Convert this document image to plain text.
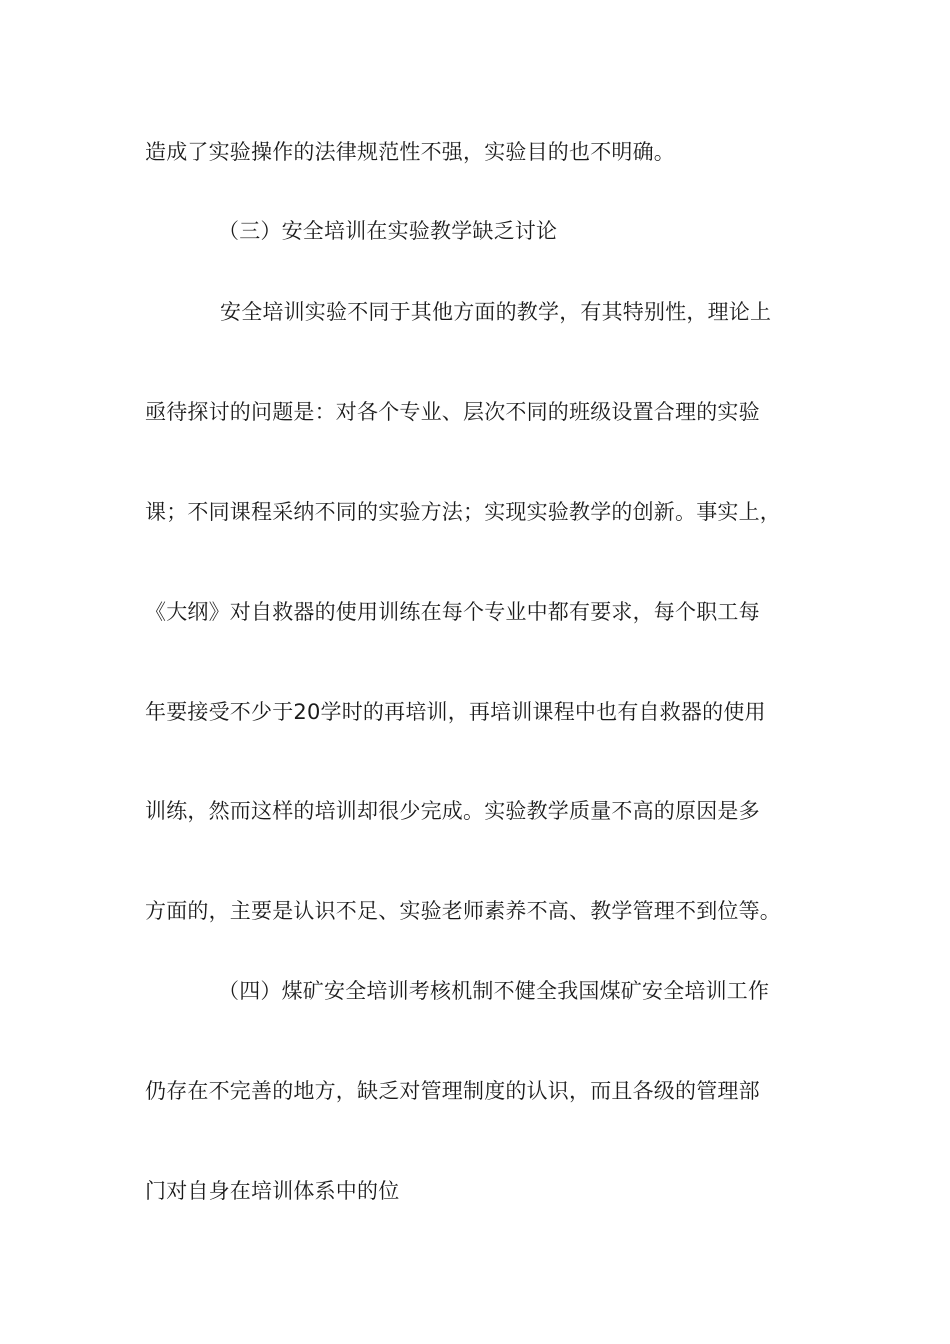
造成了实验操作的法律规范性不强，实验目的也不明确。
（三）安全培训在实验教学缺乏讨论
安全培训实验不同于其他方面的教学，有其特别性，理论上
亟待探讨的问题是：对各个专业、层次不同的班级设置合理的实验
课；不同课程采纳不同的实验方法；实现实验教学的创新。事实上，
《大纲》对自救器的使用训练在每个专业中都有要求，每个职工每
年要接受不少于20学时的再培训，再培训课程中也有自救器的使用
训练，然而这样的培训却很少完成。实验教学质量不高的原因是多
方面的，主要是认识不足、实验老师素养不高、教学管理不到位等。
（四）煤矿安全培训考核机制不健全我国煤矿安全培训工作
仍存在不完善的地方，缺乏对管理制度的认识，而且各级的管理部
门对自身在培训体系中的位
